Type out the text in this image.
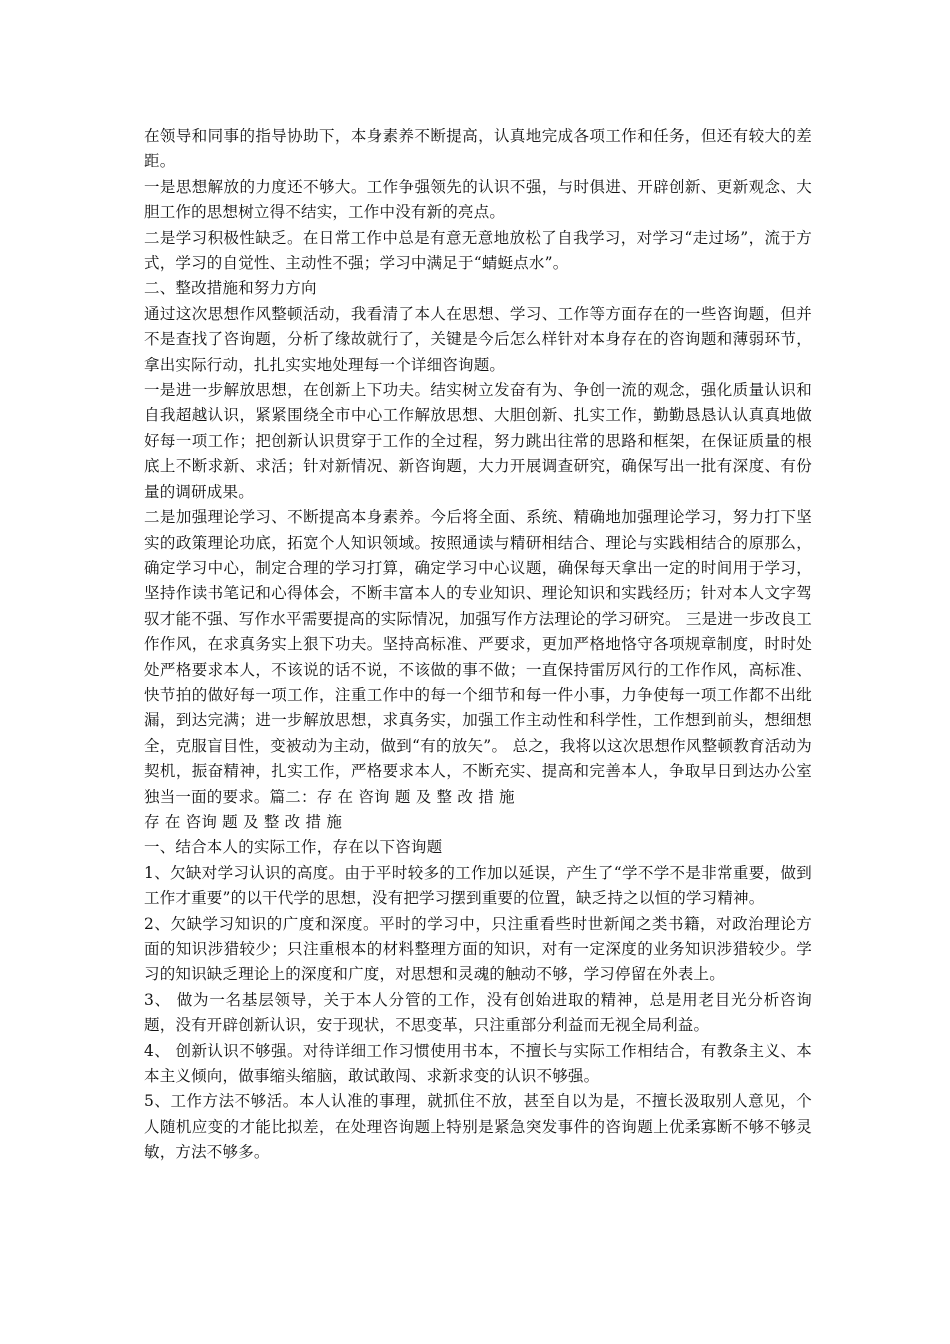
在领导和同事的指导协助下，本身素养不断提高，认真地完成各项工作和任务，但还有较大的差距。

一是思想解放的力度还不够大。工作争强领先的认识不强，与时俱进、开辟创新、更新观念、大胆工作的思想树立得不结实，工作中没有新的亮点。

二是学习积极性缺乏。在日常工作中总是有意无意地放松了自我学习，对学习“走过场”，流于方式，学习的自觉性、主动性不强；学习中满足于“蜻蜓点水”。

二、整改措施和努力方向

通过这次思想作风整顿活动，我看清了本人在思想、学习、工作等方面存在的一些咨询题，但并不是查找了咨询题，分析了缘故就行了，关键是今后怎么样针对本身存在的咨询题和薄弱环节，拿出实际行动，扎扎实实地处理每一个详细咨询题。

一是进一步解放思想，在创新上下功夫。结实树立发奋有为、争创一流的观念，强化质量认识和自我超越认识，紧紧围绕全市中心工作解放思想、大胆创新、扎实工作，勤勤恳恳认认真真地做好每一项工作；把创新认识贯穿于工作的全过程，努力跳出往常的思路和框架，在保证质量的根底上不断求新、求活；针对新情况、新咨询题，大力开展调查研究，确保写出一批有深度、有份量的调研成果。

二是加强理论学习、不断提高本身素养。今后将全面、系统、精确地加强理论学习，努力打下坚实的政策理论功底，拓宽个人知识领域。按照通读与精研相结合、理论与实践相结合的原那么，确定学习中心，制定合理的学习打算，确定学习中心议题，确保每天拿出一定的时间用于学习，坚持作读书笔记和心得体会，不断丰富本人的专业知识、理论知识和实践经历；针对本人文字驾驭才能不强、写作水平需要提高的实际情况，加强写作方法理论的学习研究。 三是进一步改良工作作风，在求真务实上狠下功夫。坚持高标准、严要求，更加严格地恪守各项规章制度，时时处处严格要求本人，不该说的话不说，不该做的事不做；一直保持雷厉风行的工作作风，高标准、快节拍的做好每一项工作，注重工作中的每一个细节和每一件小事，力争使每一项工作都不出纰漏，到达完满；进一步解放思想，求真务实，加强工作主动性和科学性，工作想到前头，想细想全，克服盲目性，变被动为主动，做到“有的放矢”。 总之，我将以这次思想作风整顿教育活动为契机，振奋精神，扎实工作，严格要求本人，不断充实、提高和完善本人，争取早日到达办公室独当一面的要求。篇二：存 在 咨询 题 及 整 改 措 施

存 在 咨询 题 及 整 改 措 施

一、结合本人的实际工作，存在以下咨询题

1、欠缺对学习认识的高度。由于平时较多的工作加以延误，产生了“学不学不是非常重要，做到工作才重要”的以干代学的思想，没有把学习摆到重要的位置，缺乏持之以恒的学习精神。

2、欠缺学习知识的广度和深度。平时的学习中，只注重看些时世新闻之类书籍，对政治理论方面的知识涉猎较少；只注重根本的材料整理方面的知识，对有一定深度的业务知识涉猎较少。学习的知识缺乏理论上的深度和广度，对思想和灵魂的触动不够，学习停留在外表上。

3、 做为一名基层领导，关于本人分管的工作，没有创始进取的精神，总是用老目光分析咨询题，没有开辟创新认识，安于现状，不思变革，只注重部分利益而无视全局利益。

4、 创新认识不够强。对待详细工作习惯使用书本，不擅长与实际工作相结合，有教条主义、本本主义倾向，做事缩头缩脑，敢试敢闯、求新求变的认识不够强。

5、工作方法不够活。本人认准的事理，就抓住不放，甚至自以为是，不擅长汲取别人意见，个人随机应变的才能比拟差，在处理咨询题上特别是紧急突发事件的咨询题上优柔寡断不够不够灵敏，方法不够多。
